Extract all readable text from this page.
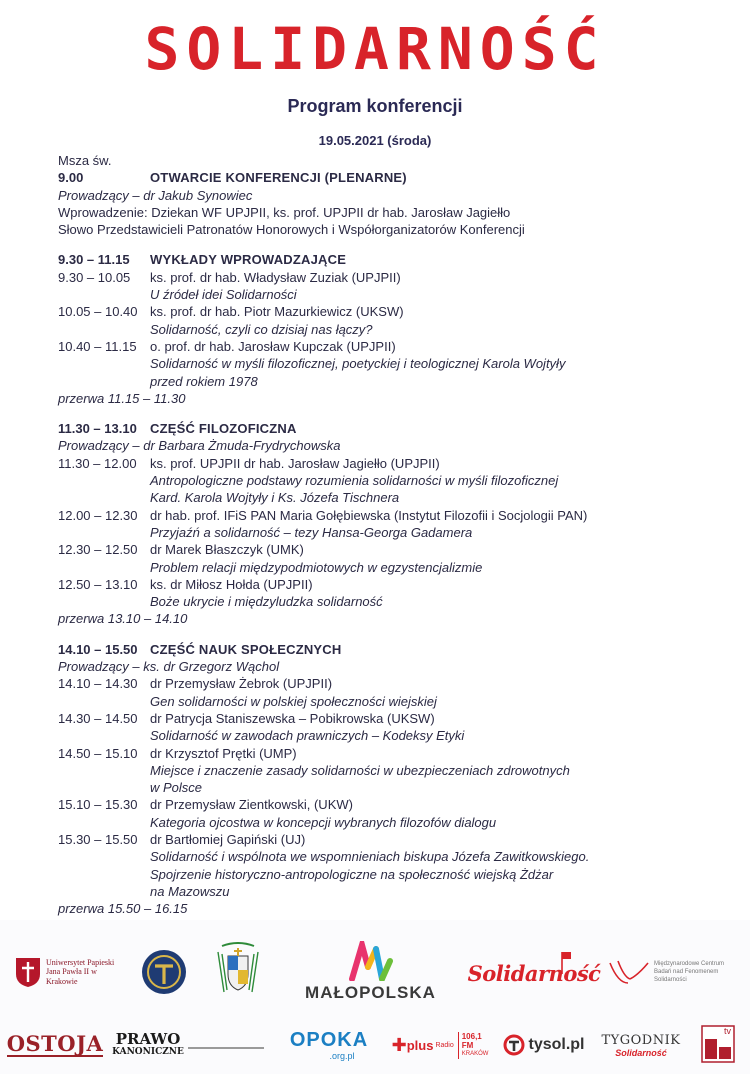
SOLIDARNOŚĆ
Program konferencji
19.05.2021 (środa)
Msza św.
9.00	OTWARCIE KONFERENCJI (PLENARNE)
Prowadzący – dr Jakub Synowiec
Wprowadzenie: Dziekan WF UPJPII, ks. prof. UPJPII dr hab. Jarosław Jagiełło
Słowo Przedstawicieli Patronatów Honorowych i Współorganizatorów Konferencji
9.30 – 11.15	WYKŁADY WPROWADZAJĄCE
9.30 – 10.05	ks. prof. dr hab. Władysław Zuziak (UPJPII)
U źródeł idei Solidarności
10.05 – 10.40 ks. prof. dr hab. Piotr Mazurkiewicz (UKSW)
Solidarność, czyli co dzisiaj nas łączy?
10.40 – 11.15	o. prof. dr hab. Jarosław Kupczak (UPJPII)
Solidarność w myśli filozoficznej, poetyckiej i teologicznej Karola Wojtyły
przed rokiem 1978
przerwa 11.15 – 11.30
11.30 – 13.10	CZĘŚĆ FILOZOFICZNA
Prowadzący – dr Barbara Żmuda-Frydrychowska
11.30 – 12.00	ks. prof. UPJPII dr hab. Jarosław Jagiełło (UPJPII)
Antropologiczne podstawy rozumienia solidarności w myśli filozoficznej
Kard. Karola Wojtyły i Ks. Józefa Tischnera
12.00 – 12.30 dr hab. prof. IFiS PAN Maria Gołębiewska (Instytut Filozofii i Socjologii PAN)
Przyjaźń a solidarność – tezy Hansa-Georga Gadamera
12.30 – 12.50 dr Marek Błaszczyk (UMK)
Problem relacji międzypodmiotowych w egzystencjalizmie
12.50 – 13.10 ks. dr Miłosz Hołda (UPJPII)
Boże ukrycie i międzyludzka solidarność
przerwa 13.10 – 14.10
14.10 – 15.50 CZĘŚĆ NAUK SPOŁECZNYCH
Prowadzący – ks. dr Grzegorz Wąchol
14.10 – 14.30 dr Przemysław Żebrok (UPJPII)
Gen solidarności w polskiej społeczności wiejskiej
14.30 – 14.50 dr Patrycja Staniszewska – Pobikrowska (UKSW)
Solidarność w zawodach prawniczych – Kodeksy Etyki
14.50 – 15.10 dr Krzysztof Prętki (UMP)
Miejsce i znaczenie zasady solidarności w ubezpieczeniach zdrowotnych
w Polsce
15.10 – 15.30 dr Przemysław Zientkowski, (UKW)
Kategoria ojcostwa w koncepcji wybranych filozofów dialogu
15.30 – 15.50 dr Bartłomiej Gapiński (UJ)
Solidarność i wspólnota we wspomnieniach biskupa Józefa Zawitkowskiego.
Spojrzenie historyczno-antropologiczne na społeczność wiejską Żdżar
na Mazowszu
przerwa 15.50 – 16.15
Uniwersytet Papieski Jana Pawła II w Krakowie
MAŁOPOLSKA
Solidarność	Międzynarodowe Centrum Badań nad Fenomenem Solidarności
OSTOJA PRAWO
KANONICZNE
OPOKA
.org.pl
✚ plus Radio
106,1 FM
KRAKÓW
tysol.pl TYGODNIK
Solidarność
tv
